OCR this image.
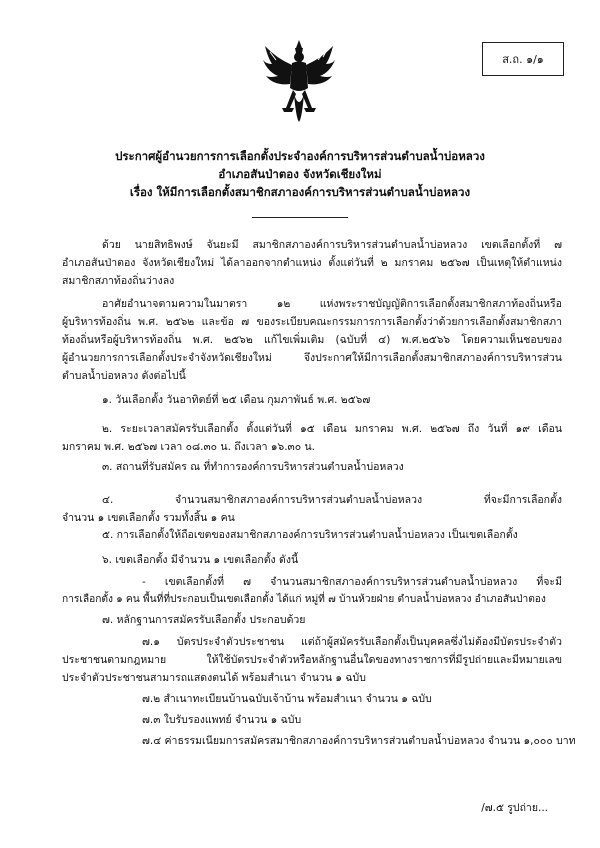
ส.ถ. ๑/๑
ประกาศผู้อำนวยการการเลือกตั้งประจำองค์การบริหารส่วนตำบลน้ำบ่อหลวง
อำเภอสันป่าตอง จังหวัดเชียงใหม่
เรื่อง ให้มีการเลือกตั้งสมาชิกสภาองค์การบริหารส่วนตำบลน้ำบ่อหลวง
ด้วย นายสิทธิพงษ์ จันยะมี สมาชิกสภาองค์การบริหารส่วนตำบลน้ำบ่อหลวง เขตเลือกตั้งที่ ๗
อำเภอสันป่าตอง จังหวัดเชียงใหม่ ได้ลาออกจากตำแหน่ง ตั้งแต่วันที่ ๒ มกราคม ๒๕๖๗ เป็นเหตุให้ตำแหน่ง
สมาชิกสภาท้องถิ่นว่างลง
อาศัยอำนาจตามความในมาตรา ๑๒ แห่งพระราชบัญญัติการเลือกตั้งสมาชิกสภาท้องถิ่นหรือ
ผู้บริหารท้องถิ่น พ.ศ. ๒๕๖๒ และข้อ ๗ ของระเบียบคณะกรรมการการเลือกตั้งว่าด้วยการเลือกตั้งสมาชิกสภา
ท้องถิ่นหรือผู้บริหารท้องถิ่น พ.ศ. ๒๕๖๒ แก้ไขเพิ่มเติม (ฉบับที่ ๔) พ.ศ.๒๕๖๖ โดยความเห็นชอบของ
ผู้อำนวยการการเลือกตั้งประจำจังหวัดเชียงใหม่ จึงประกาศให้มีการเลือกตั้งสมาชิกสภาองค์การบริหารส่วน
ตำบลน้ำบ่อหลวง ดังต่อไปนี้
๑. วันเลือกตั้ง วันอาทิตย์ที่ ๒๕ เดือน กุมภาพันธ์ พ.ศ. ๒๕๖๗
๒. ระยะเวลาสมัครรับเลือกตั้ง ตั้งแต่วันที่ ๑๕ เดือน มกราคม พ.ศ. ๒๕๖๗ ถึง วันที่ ๑๙ เดือน
มกราคม พ.ศ. ๒๕๖๗ เวลา ๐๘.๓๐ น. ถึงเวลา ๑๖.๓๐ น.
๓. สถานที่รับสมัคร ณ ที่ทำการองค์การบริหารส่วนตำบลน้ำบ่อหลวง
๔. จำนวนสมาชิกสภาองค์การบริหารส่วนตำบลน้ำบ่อหลวง ที่จะมีการเลือกตั้ง
จำนวน ๑ เขตเลือกตั้ง รวมทั้งสิ้น ๑ คน
๕. การเลือกตั้งให้ถือเขตของสมาชิกสภาองค์การบริหารส่วนตำบลน้ำบ่อหลวง เป็นเขตเลือกตั้ง
๖. เขตเลือกตั้ง มีจำนวน ๑ เขตเลือกตั้ง ดังนี้
- เขตเลือกตั้งที่ ๗ จำนวนสมาชิกสภาองค์การบริหารส่วนตำบลน้ำบ่อหลวง ที่จะมี
การเลือกตั้ง ๑ คน พื้นที่ที่ประกอบเป็นเขตเลือกตั้ง ได้แก่ หมู่ที่ ๗ บ้านห้วยฝ่าย ตำบลน้ำบ่อหลวง อำเภอสันป่าตอง
๗. หลักฐานการสมัครรับเลือกตั้ง ประกอบด้วย
๗.๑ บัตรประจำตัวประชาชน แต่ถ้าผู้สมัครรับเลือกตั้งเป็นบุคคลซึ่งไม่ต้องมีบัตรประจำตัว
ประชาชนตามกฎหมาย ให้ใช้บัตรประจำตัวหรือหลักฐานอื่นใดของทางราชการที่มีรูปถ่ายและมีหมายเลข
ประจำตัวประชาชนสามารถแสดงตนได้ พร้อมสำเนา จำนวน ๑ ฉบับ
๗.๒ สำเนาทะเบียนบ้านฉบับเจ้าบ้าน พร้อมสำเนา จำนวน ๑ ฉบับ
๗.๓ ใบรับรองแพทย์ จำนวน ๑ ฉบับ
๗.๔ ค่าธรรมเนียมการสมัครสมาชิกสภาองค์การบริหารส่วนตำบลน้ำบ่อหลวง จำนวน ๑,๐๐๐ บาท
/๗.๕ รูปถ่าย...
